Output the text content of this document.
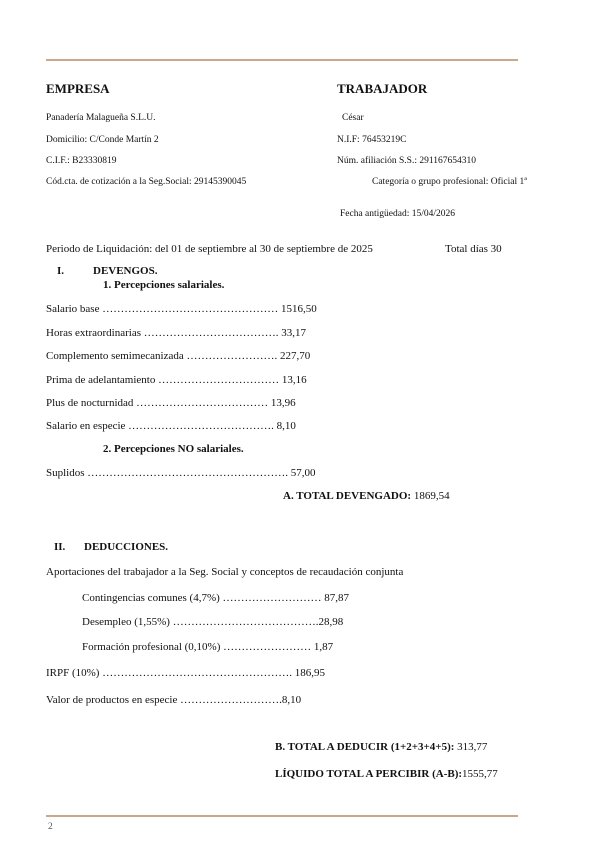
EMPRESA	TRABAJADOR
Panadería Malagueña S.L.U.
Domicilio: C/Conde Martín 2
C.I.F.: B23330819
Cód.cta. de cotización a la Seg.Social: 29145390045
César
N.I.F: 76453219C
Núm. afiliación S.S.: 291167654310
Categoría o grupo profesional: Oficial 1ª
Fecha antigüedad: 15/04/2026
Periodo de Liquidación: del 01 de septiembre al 30 de septiembre de 2025	Total días 30
I.	DEVENGOS.
1. Percepciones salariales.
Salario base ………………………………………… 1516,50
Horas extraordinarias ………………………………. 33,17
Complemento semimecanizada ……………………. 227,70
Prima de adelantamiento …………………………… 13,16
Plus de nocturnidad ……………………………… 13,96
Salario en especie …………………………………. 8,10
2. Percepciones NO salariales.
Suplidos ………………………………………………. 57,00
A. TOTAL DEVENGADO: 1869,54
II. DEDUCCIONES.
Aportaciones del trabajador a la Seg. Social y conceptos de recaudación conjunta
Contingencias comunes (4,7%) ……………………… 87,87
Desempleo (1,55%) ………………………………….28,98
Formación profesional (0,10%) …………………… 1,87
IRPF (10%) ……………………………………………. 186,95
Valor de productos en especie ……………………….8,10
B. TOTAL A DEDUCIR (1+2+3+4+5): 313,77
LÍQUIDO TOTAL A PERCIBIR (A-B):1555,77
2
